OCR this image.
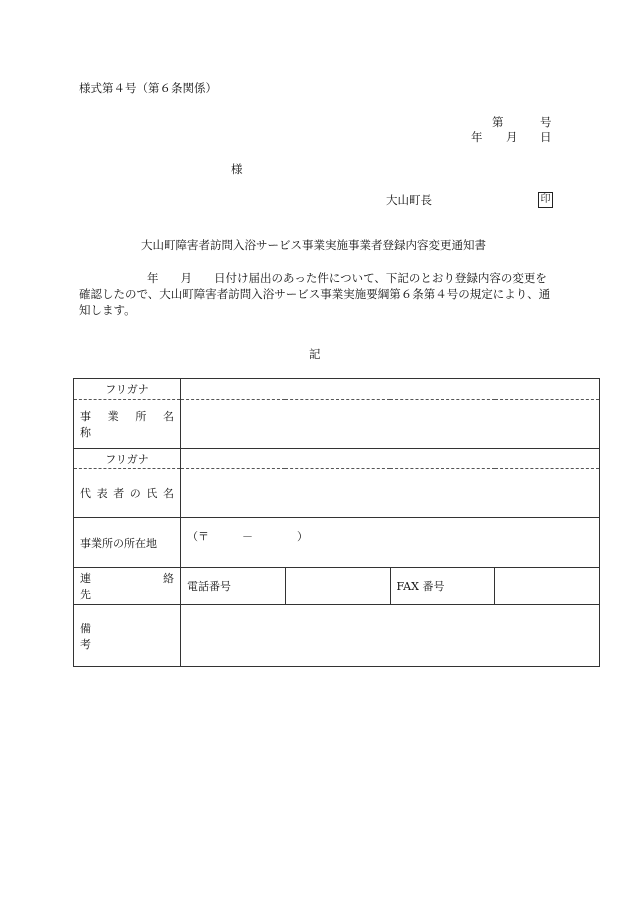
様式第４号（第６条関係）
第	号
年 月 日
様
大山町長	印
大山町障害者訪問入浴サービス事業実施事業者登録内容変更通知書
年 月 日付け届出のあった件について、下記のとおり登録内容の変更を確認したので、大山町障害者訪問入浴サービス事業実施要綱第６条第４号の規定により、通知します。
記
フリガナ				
事　業　所　名　称				
フリガナ				
代表者の氏名				
事業所の所在地	（〒　　　－　　　　）			

連　　　絡　　　先	電話番号		FAX 番号	
備　　　　　　　考				
